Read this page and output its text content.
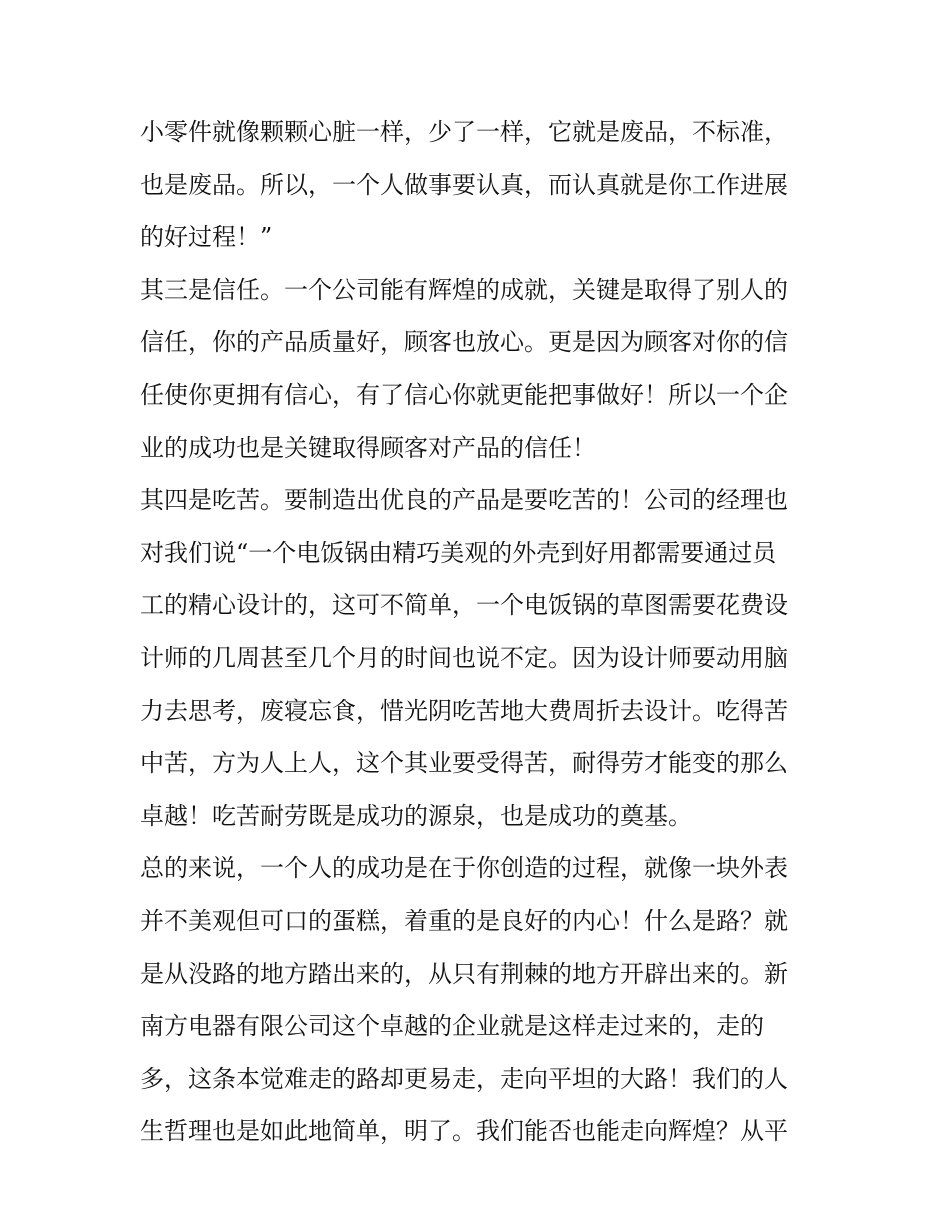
小零件就像颗颗心脏一样，少了一样，它就是废品，不标准，
也是废品。所以，一个人做事要认真，而认真就是你工作进展
的好过程！”
其三是信任。一个公司能有辉煌的成就，关键是取得了别人的
信任，你的产品质量好，顾客也放心。更是因为顾客对你的信
任使你更拥有信心，有了信心你就更能把事做好！所以一个企
业的成功也是关键取得顾客对产品的信任！
其四是吃苦。要制造出优良的产品是要吃苦的！公司的经理也
对我们说“一个电饭锅由精巧美观的外壳到好用都需要通过员
工的精心设计的，这可不简单，一个电饭锅的草图需要花费设
计师的几周甚至几个月的时间也说不定。因为设计师要动用脑
力去思考，废寝忘食，惜光阴吃苦地大费周折去设计。吃得苦
中苦，方为人上人，这个其业要受得苦，耐得劳才能变的那么
卓越！吃苦耐劳既是成功的源泉，也是成功的奠基。
总的来说，一个人的成功是在于你创造的过程，就像一块外表
并不美观但可口的蛋糕，着重的是良好的内心！什么是路？就
是从没路的地方踏出来的，从只有荆棘的地方开辟出来的。新
南方电器有限公司这个卓越的企业就是这样走过来的，走的
多，这条本觉难走的路却更易走，走向平坦的大路！我们的人
生哲理也是如此地简单，明了。我们能否也能走向辉煌？从平
